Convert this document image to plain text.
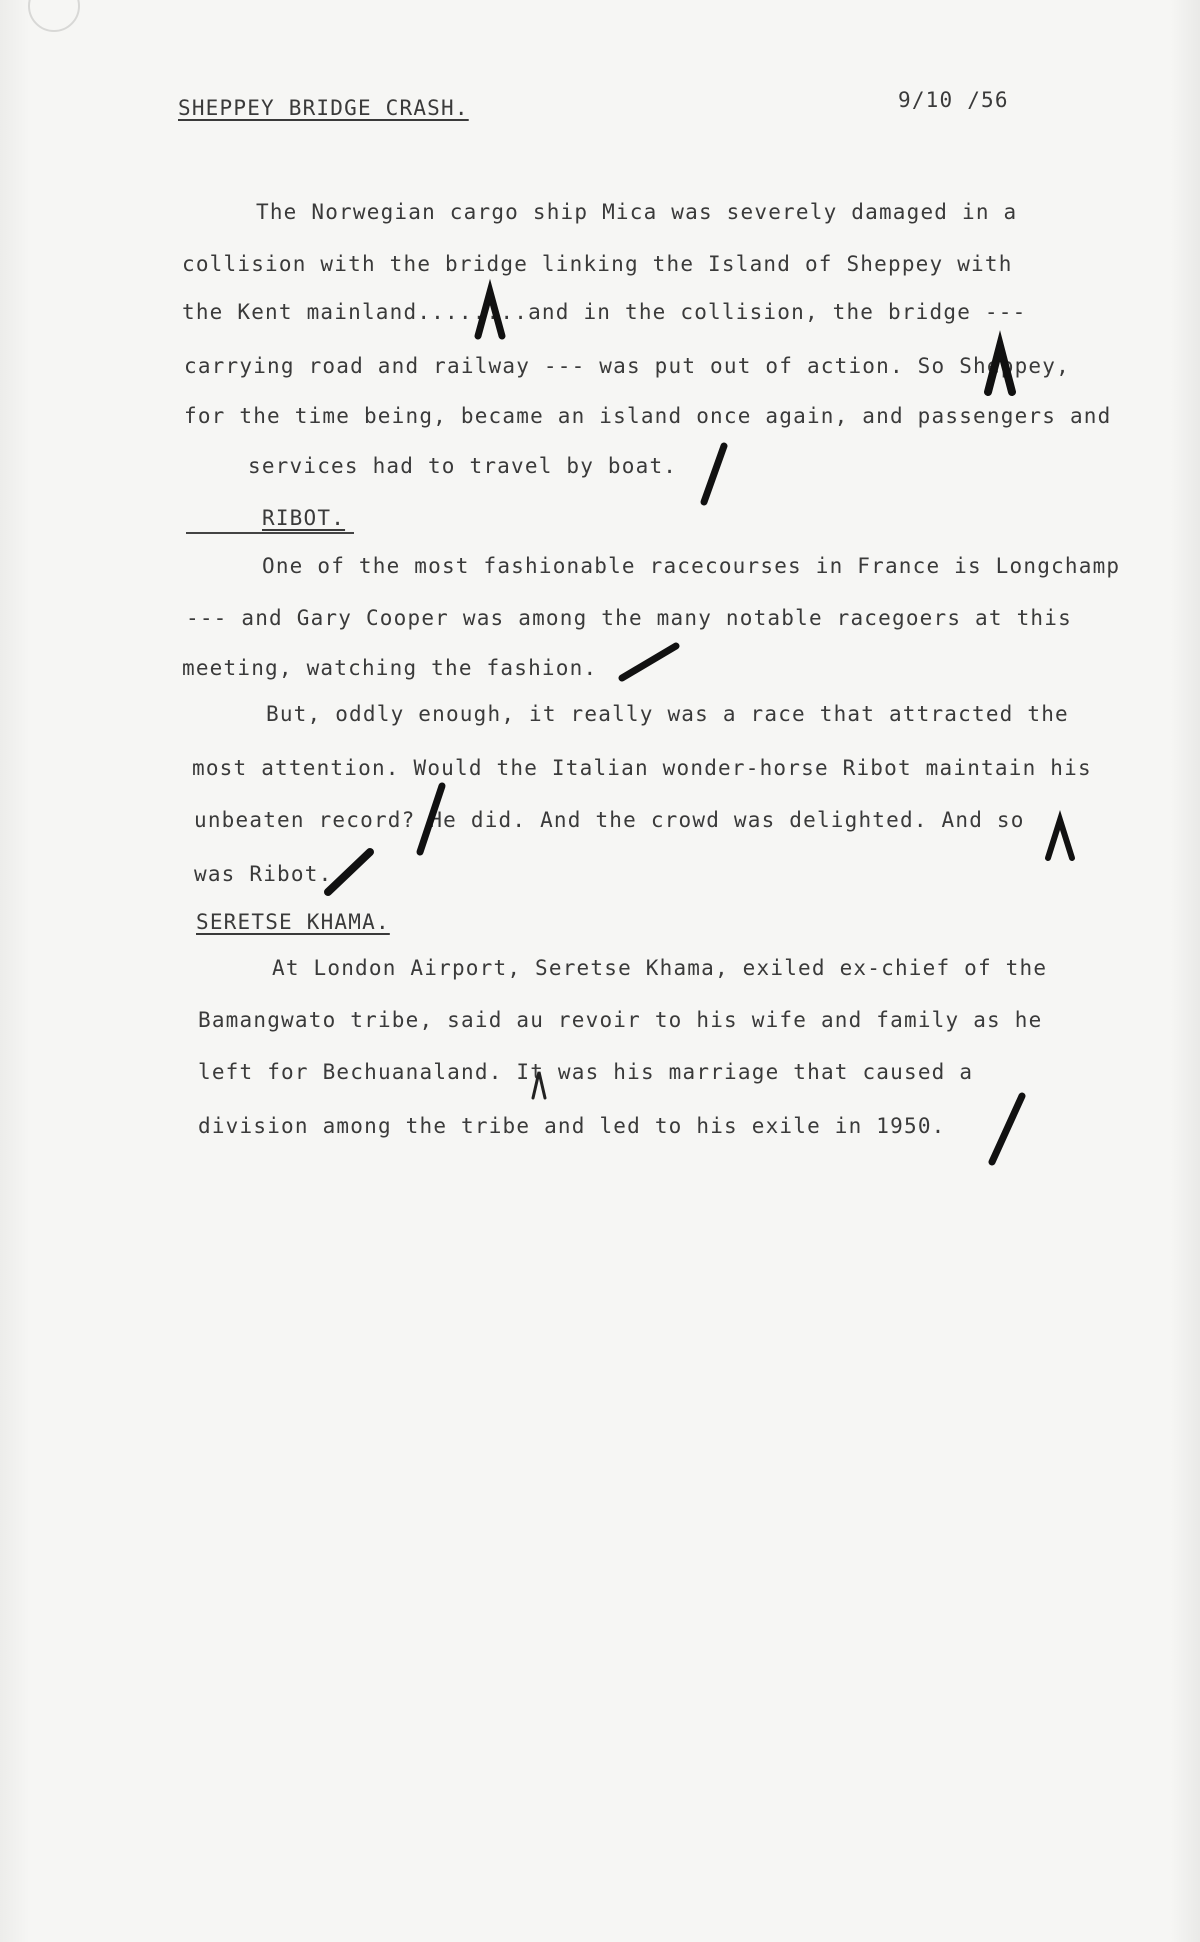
SHEPPEY BRIDGE CRASH.	9/10 /56
The Norwegian cargo ship Mica was severely damaged in a
collision with the bridge linking the Island of Sheppey with
the Kent mainland........and in the collision, the bridge ---
carrying road and railway --- was put out of action. So Sheppey,
for the time being, became an island once again, and passengers and
services had to travel by boat.
RIBOT.
One of the most fashionable racecourses in France is Longchamp
--- and Gary Cooper was among the many notable racegoers at this
meeting, watching the fashion.
But, oddly enough, it really was a race that attracted the
most attention. Would the Italian wonder-horse Ribot maintain his
unbeaten record? He did. And the crowd was delighted. And so
was Ribot.
SERETSE KHAMA.
At London Airport, Seretse Khama, exiled ex-chief of the
Bamangwato tribe, said au revoir to his wife and family as he
left for Bechuanaland. It was his marriage that caused a
division among the tribe and led to his exile in 1950.
